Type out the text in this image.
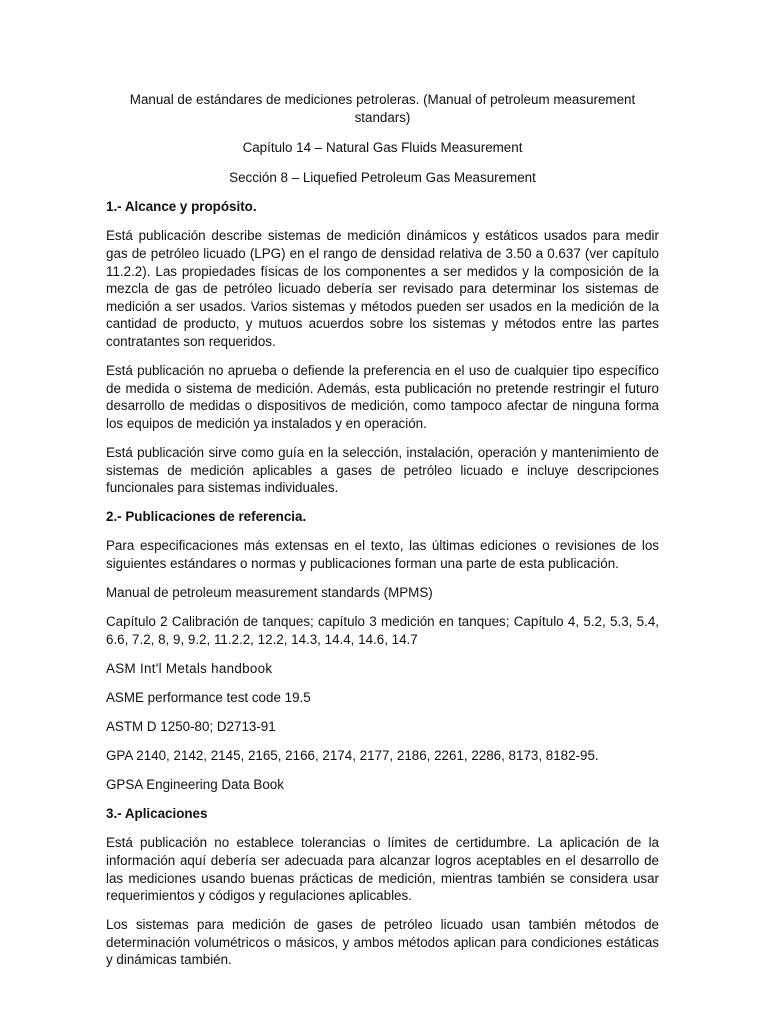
Manual de estándares de mediciones petroleras. (Manual of petroleum measurement standars)

Capítulo 14 – Natural Gas Fluids Measurement

Sección 8 – Liquefied Petroleum Gas Measurement

1.- Alcance y propósito.

Está publicación describe sistemas de medición dinámicos y estáticos usados para medir gas de petróleo licuado (LPG) en el rango de densidad relativa de 3.50 a 0.637 (ver capítulo 11.2.2). Las propiedades físicas de los componentes a ser medidos y la composición de la mezcla de gas de petróleo licuado debería ser revisado para determinar los sistemas de medición a ser usados. Varios sistemas y métodos pueden ser usados en la medición de la cantidad de producto, y mutuos acuerdos sobre los sistemas y métodos entre las partes contratantes son requeridos.

Está publicación no aprueba o defiende la preferencia en el uso de cualquier tipo específico de medida o sistema de medición. Además, esta publicación no pretende restringir el futuro desarrollo de medidas o dispositivos de medición, como tampoco afectar de ninguna forma los equipos de medición ya instalados y en operación.

Está publicación sirve como guía en la selección, instalación, operación y mantenimiento de sistemas de medición aplicables a gases de petróleo licuado e incluye descripciones funcionales para sistemas individuales.

2.- Publicaciones de referencia.

Para especificaciones más extensas en el texto, las últimas ediciones o revisiones de los siguientes estándares o normas y publicaciones forman una parte de esta publicación.

Manual de petroleum measurement standards (MPMS)

Capítulo 2 Calibración de tanques; capítulo 3 medición en tanques; Capítulo 4, 5.2, 5.3, 5.4, 6.6, 7.2, 8, 9, 9.2, 11.2.2, 12.2, 14.3, 14.4, 14.6, 14.7

ASM Int'l Metals handbook

ASME performance test code 19.5

ASTM D 1250-80; D2713-91

GPA 2140, 2142, 2145, 2165, 2166, 2174, 2177, 2186, 2261, 2286, 8173, 8182-95.

GPSA Engineering Data Book

3.- Aplicaciones

Está publicación no establece tolerancias o límites de certidumbre. La aplicación de la información aquí debería ser adecuada para alcanzar logros aceptables en el desarrollo de las mediciones usando buenas prácticas de medición, mientras también se considera usar requerimientos y códigos y regulaciones aplicables.

Los sistemas para medición de gases de petróleo licuado usan también métodos de determinación volumétricos o másicos, y ambos métodos aplican para condiciones estáticas y dinámicas también.
